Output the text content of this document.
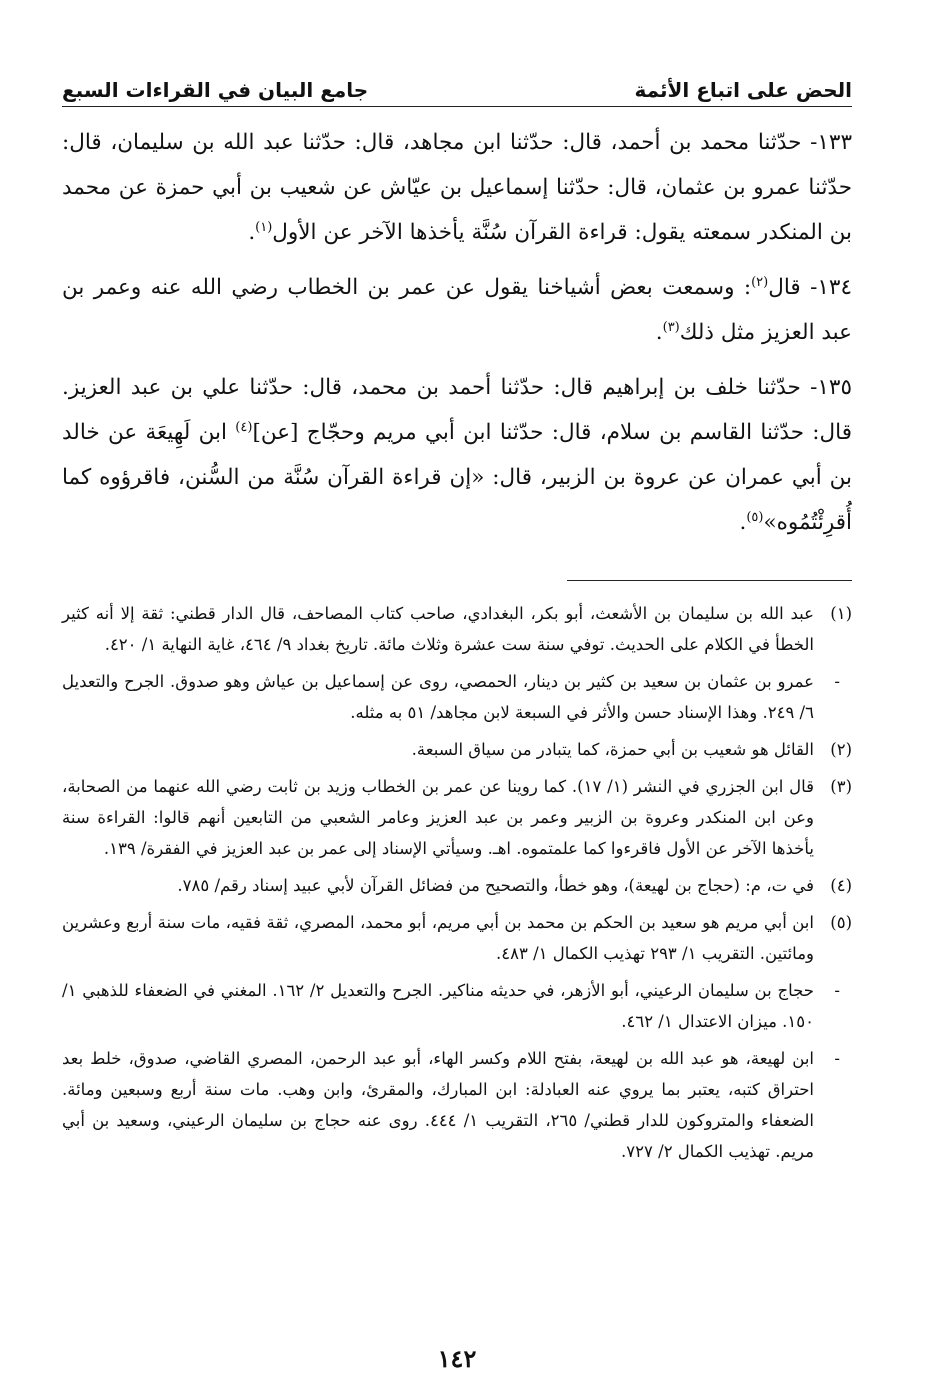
الحض على اتباع الأئمة
جامع البيان في القراءات السبع

١٣٣- حدّثنا محمد بن أحمد، قال: حدّثنا ابن مجاهد، قال: حدّثنا عبد الله بن سليمان، قال: حدّثنا عمرو بن عثمان، قال: حدّثنا إسماعيل بن عيّاش عن شعيب بن أبي حمزة عن محمد بن المنكدر سمعته يقول: قراءة القرآن سُنَّة يأخذها الآخر عن الأول$^{(١)}$.

١٣٤- قال$^{(٢)}$: وسمعت بعض أشياخنا يقول عن عمر بن الخطاب رضي الله عنه وعمر بن عبد العزيز مثل ذلك$^{(٣)}$.

١٣٥- حدّثنا خلف بن إبراهيم قال: حدّثنا أحمد بن محمد، قال: حدّثنا علي بن عبد العزيز. قال: حدّثنا القاسم بن سلام، قال: حدّثنا ابن أبي مريم وحجّاج [عن]$^{(٤)}$ ابن لَهِيعَة عن خالد بن أبي عمران عن عروة بن الزبير، قال: «إن قراءة القرآن سُنَّة من السُّنن، فاقرؤوه كما أُقرِئْتُمُوه»$^{(٥)}$.

(١)
عبد الله بن سليمان بن الأشعث، أبو بكر، البغدادي، صاحب كتاب المصاحف، قال الدار قطني: ثقة إلا أنه كثير الخطأ في الكلام على الحديث. توفي سنة ست عشرة وثلاث مائة. تاريخ بغداد ٩/ ٤٦٤، غاية النهاية ١/ ٤٢٠.
-
عمرو بن عثمان بن سعيد بن كثير بن دينار، الحمصي، روى عن إسماعيل بن عياش وهو صدوق. الجرح والتعديل ٦/ ٢٤٩. وهذا الإسناد حسن والأثر في السبعة لابن مجاهد/ ٥١ به مثله.
(٢)
القائل هو شعيب بن أبي حمزة، كما يتبادر من سياق السبعة.
(٣)
قال ابن الجزري في النشر (١/ ١٧). كما روينا عن عمر بن الخطاب وزيد بن ثابت رضي الله عنهما من الصحابة، وعن ابن المنكدر وعروة بن الزبير وعمر بن عبد العزيز وعامر الشعبي من التابعين أنهم قالوا: القراءة سنة يأخذها الآخر عن الأول فاقرءوا كما علمتموه. اهـ. وسيأتي الإسناد إلى عمر بن عبد العزيز في الفقرة/ ١٣٩.
(٤)
في ت، م: (حجاج بن لهيعة)، وهو خطأ، والتصحيح من فضائل القرآن لأبي عبيد إسناد رقم/ ٧٨٥.
(٥)
ابن أبي مريم هو سعيد بن الحكم بن محمد بن أبي مريم، أبو محمد، المصري، ثقة فقيه، مات سنة أربع وعشرين ومائتين. التقريب ١/ ٢٩٣ تهذيب الكمال ١/ ٤٨٣.
-
حجاج بن سليمان الرعيني، أبو الأزهر، في حديثه مناكير. الجرح والتعديل ٢/ ١٦٢. المغني في الضعفاء للذهبي ١/ ١٥٠. ميزان الاعتدال ١/ ٤٦٢.
-
ابن لهيعة، هو عبد الله بن لهيعة، بفتح اللام وكسر الهاء، أبو عبد الرحمن، المصري القاضي، صدوق، خلط بعد احتراق كتبه، يعتبر بما يروي عنه العبادلة: ابن المبارك، والمقرئ، وابن وهب. مات سنة أربع وسبعين ومائة. الضعفاء والمتروكون للدار قطني/ ٢٦٥، التقريب ١/ ٤٤٤. روى عنه حجاج بن سليمان الرعيني، وسعيد بن أبي مريم. تهذيب الكمال ٢/ ٧٢٧.
١٤٢
